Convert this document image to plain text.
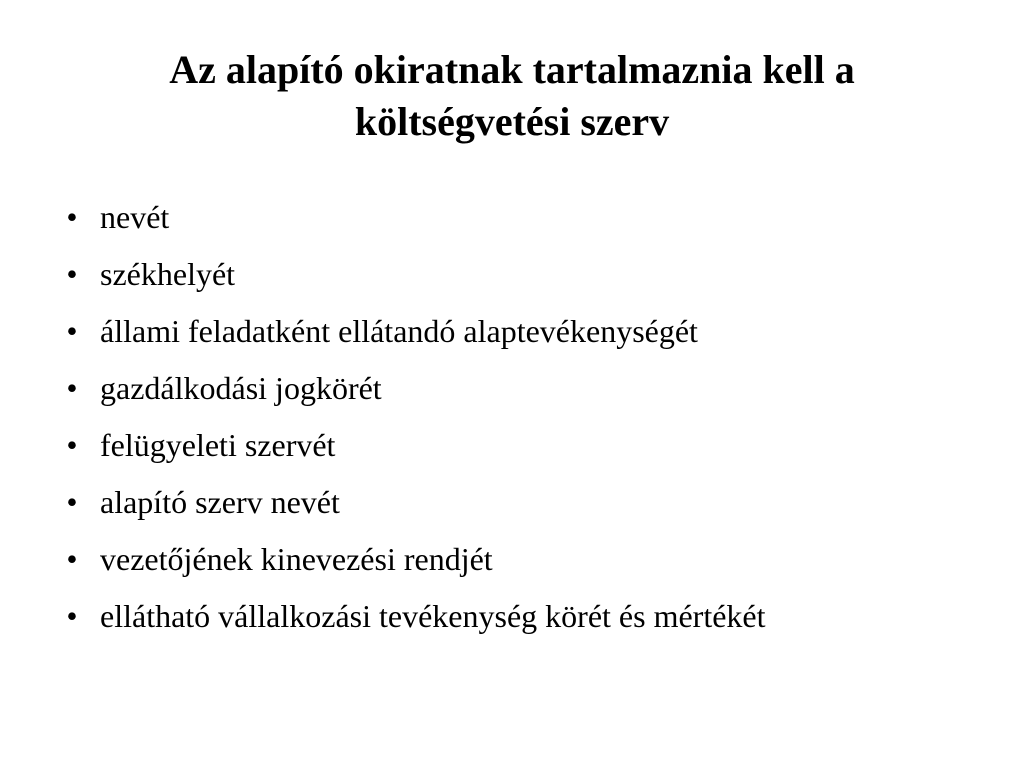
Az alapító okiratnak tartalmaznia kell a
költségvetési szerv
• nevét
• székhelyét
• állami feladatként ellátandó alaptevékenységét
• gazdálkodási jogkörét
• felügyeleti szervét
• alapító szerv nevét
• vezetőjének kinevezési rendjét
• ellátható vállalkozási tevékenység körét és mértékét
